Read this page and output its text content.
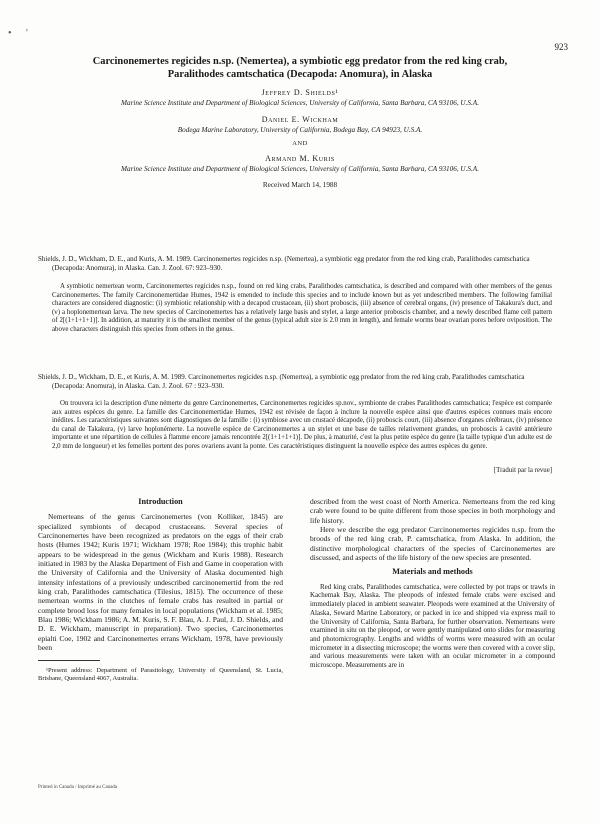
• '
923

Carcinonemertes regicides n.sp. (Nemertea), a symbiotic egg predator from the red king crab, Paralithodes camtschatica (Decapoda: Anomura), in Alaska

Jeffrey D. Shields¹
Marine Science Institute and Department of Biological Sciences, University of California, Santa Barbara, CA 93106, U.S.A.
Daniel E. Wickham
Bodega Marine Laboratory, University of California, Bodega Bay, CA 94923, U.S.A.
AND
Armand M. Kuris
Marine Science Institute and Department of Biological Sciences, University of California, Santa Barbara, CA 93106, U.S.A.
Received March 14, 1988
Shields, J. D., Wickham, D. E., and Kuris, A. M. 1989. Carcinonemertes regicides n.sp. (Nemertea), a symbiotic egg predator from the red king crab, Paralithodes camtschatica (Decapoda: Anomura), in Alaska. Can. J. Zool. 67: 923–930.
A symbiotic nemertean worm, Carcinonemertes regicides n.sp., found on red king crabs, Paralithodes camtschatica, is described and compared with other members of the genus Carcinonemertes. The family Carcinonemertidae Humes, 1942 is emended to include this species and to include known but as yet undescribed members. The following familial characters are considered diagnostic: (i) symbiotic relationship with a decapod crustacean, (ii) short proboscis, (iii) absence of cerebral organs, (iv) presence of Takakura's duct, and (v) a hoplonemertean larva. The new species of Carcinonemertes has a relatively large basis and stylet, a large anterior proboscis chamber, and a newly described flame cell pattern of 2[(1+1+1+1)]. In addition, at maturity it is the smallest member of the genus (typical adult size is 2.0 mm in length), and female worms bear ovarian pores before oviposition. The above characters distinguish this species from others in the genus.
Shields, J. D., Wickham, D. E., et Kuris, A. M. 1989. Carcinonemertes regicides n.sp. (Nemertea), a symbiotic egg predator from the red king crab, Paralithodes camtschatica (Decapoda: Anomura), in Alaska. Can. J. Zool. 67 : 923–930.
On trouvera ici la description d'une némerte du genre Carcinonemertes, Carcinonemertes regicides sp.nov., symbionte de crabes Paralithodes camtschatica; l'espèce est comparée aux autres espèces du genre. La famille des Carcinonemertidae Humes, 1942 est révisée de façon à inclure la nouvelle espèce ainsi que d'autres espèces connues mais encore inédites. Les caractéristiques suivantes sont diagnostiques de la famille : (i) symbiose avec un crustacé décapode, (ii) proboscis court, (iii) absence d'organes cérébraux, (iv) présence du canal de Takakura, (v) larve hoplonémerte. La nouvelle espèce de Carcinonemertes a un stylet et une base de tailles relativement grandes, un proboscis à cavité antérieure importante et une répartition de cellules à flamme encore jamais rencontrée 2[(1+1+1+1)]. De plus, à maturité, c'est la plus petite espèce du genre (la taille typique d'un adulte est de 2,0 mm de longueur) et les femelles portent des pores ovariens avant la ponte. Ces caractéristiques distinguent la nouvelle espèce des autres espèces du genre.
[Traduit par la revue]

Introduction

Nemerteans of the genus Carcinonemertes (von Kolliker, 1845) are specialized symbionts of decapod crustaceans. Several species of Carcinonemertes have been recognized as predators on the eggs of their crab hosts (Humes 1942; Kuris 1971; Wickham 1978; Roe 1984); this trophic habit appears to be widespread in the genus (Wickham and Kuris 1988). Research initiated in 1983 by the Alaska Department of Fish and Game in cooperation with the University of California and the University of Alaska documented high intensity infestations of a previously undescribed carcinonemertid from the red king crab, Paralithodes camtschatica (Tilesius, 1815). The occurrence of these nemertean worms in the clutches of female crabs has resulted in partial or complete brood loss for many females in local populations (Wickham et al. 1985; Blau 1986; Wickham 1986; A. M. Kuris, S. F. Blau, A. J. Paul, J. D. Shields, and D. E. Wickham, manuscript in preparation). Two species, Carcinonemertes epialti Coe, 1902 and Carcinonemertes errans Wickham, 1978, have previously been

¹Present address: Department of Parasitology, University of Queensland, St. Lucia, Brisbane, Queensland 4067, Australia.

described from the west coast of North America. Nemerteans from the red king crab were found to be quite different from those species in both morphology and life history.

Here we describe the egg predator Carcinonemertes regicides n.sp. from the broods of the red king crab, P. camtschatica, from Alaska. In addition, the distinctive morphological characters of the species of Carcinonemertes are discussed, and aspects of the life history of the new species are presented.

Materials and methods

Red king crabs, Paralithodes camtschatica, were collected by pot traps or trawls in Kachemak Bay, Alaska. The pleopods of infested female crabs were excised and immediately placed in ambient seawater. Pleopods were examined at the University of Alaska, Seward Marine Laboratory, or packed in ice and shipped via express mail to the University of California, Santa Barbara, for further observation. Nemerteans were examined in situ on the pleopod, or were gently manipulated onto slides for measuring and photomicrography. Lengths and widths of worms were measured with an ocular micrometer in a dissecting microscope; the worms were then covered with a cover slip, and various measurements were taken with an ocular micrometer in a compound microscope. Measurements are in

Printed in Canada / Imprimé au Canada
